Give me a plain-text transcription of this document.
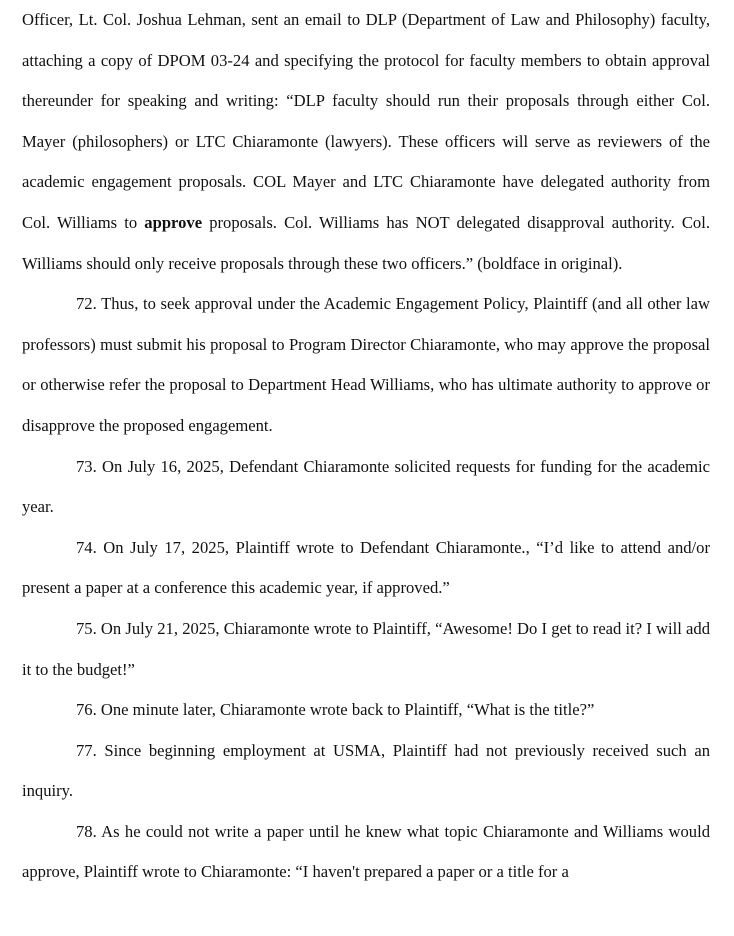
Officer, Lt. Col. Joshua Lehman, sent an email to DLP (Department of Law and Philosophy) faculty, attaching a copy of DPOM 03-24 and specifying the protocol for faculty members to obtain approval thereunder for speaking and writing: “DLP faculty should run their proposals through either Col. Mayer (philosophers) or LTC Chiaramonte (lawyers). These officers will serve as reviewers of the academic engagement proposals. COL Mayer and LTC Chiaramonte have delegated authority from Col. Williams to approve proposals. Col. Williams has NOT delegated disapproval authority. Col. Williams should only receive proposals through these two officers.” (boldface in original).

72. Thus, to seek approval under the Academic Engagement Policy, Plaintiff (and all other law professors) must submit his proposal to Program Director Chiaramonte, who may approve the proposal or otherwise refer the proposal to Department Head Williams, who has ultimate authority to approve or disapprove the proposed engagement.

73. On July 16, 2025, Defendant Chiaramonte solicited requests for funding for the academic year.

74. On July 17, 2025, Plaintiff wrote to Defendant Chiaramonte., “I’d like to attend and/or present a paper at a conference this academic year, if approved.”

75. On July 21, 2025, Chiaramonte wrote to Plaintiff, “Awesome! Do I get to read it? I will add it to the budget!”

76. One minute later, Chiaramonte wrote back to Plaintiff, “What is the title?”

77. Since beginning employment at USMA, Plaintiff had not previously received such an inquiry.

78. As he could not write a paper until he knew what topic Chiaramonte and Williams would approve, Plaintiff wrote to Chiaramonte: “I haven't prepared a paper or a title for a
